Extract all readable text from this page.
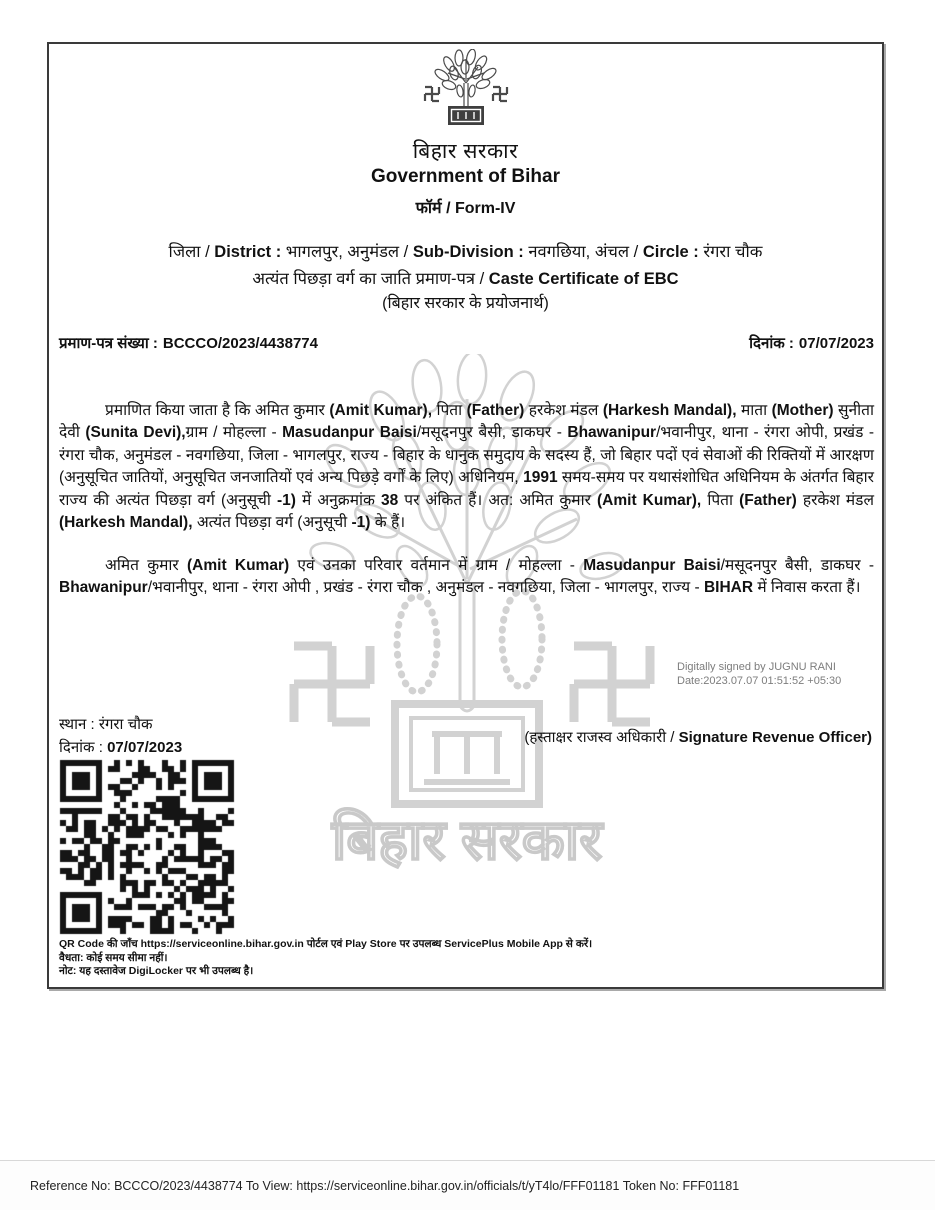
बिहार सरकार
बिहार सरकार
Government of Bihar
फॉर्म / Form-IV
जिला / District : भागलपुर, अनुमंडल / Sub-Division : नवगछिया, अंचल / Circle : रंगरा चौक
अत्यंत पिछड़ा वर्ग का जाति प्रमाण-पत्र / Caste Certificate of EBC
(बिहार सरकार के प्रयोजनार्थ)
प्रमाण-पत्र संख्या : BCCCO/2023/4438774	दिनांक : 07/07/2023
प्रमाणित किया जाता है कि अमित कुमार (Amit Kumar), पिता (Father) हरकेश मंडल (Harkesh Mandal), माता (Mother) सुनीता देवी (Sunita Devi),ग्राम / मोहल्ला - Masudanpur Baisi/मसूदनपुर बैसी, डाकघर - Bhawanipur/भवानीपुर, थाना - रंगरा ओपी, प्रखंड - रंगरा चौक, अनुमंडल - नवगछिया, जिला - भागलपुर, राज्य - बिहार के धानुक समुदाय के सदस्य हैं, जो बिहार पदों एवं सेवाओं की रिक्तियों में आरक्षण (अनुसूचित जातियों, अनुसूचित जनजातियों एवं अन्य पिछड़े वर्गों के लिए) अधिनियम, 1991 समय-समय पर यथासंशोधित अधिनियम के अंतर्गत बिहार राज्य की अत्यंत पिछड़ा वर्ग (अनुसूची -1) में अनुक्रमांक 38 पर अंकित हैं। अत: अमित कुमार (Amit Kumar), पिता (Father) हरकेश मंडल (Harkesh Mandal), अत्यंत पिछड़ा वर्ग (अनुसूची -1) के हैं।
अमित कुमार (Amit Kumar) एवं उनका परिवार वर्तमान में ग्राम / मोहल्ला - Masudanpur Baisi/मसूदनपुर बैसी, डाकघर - Bhawanipur/भवानीपुर, थाना - रंगरा ओपी , प्रखंड - रंगरा चौक , अनुमंडल - नवगछिया, जिला - भागलपुर, राज्य - BIHAR में निवास करता हैं।
Digitally signed by JUGNU RANI
Date:2023.07.07 01:51:52 +05:30
स्थान : रंगरा चौक
(हस्ताक्षर राजस्व अधिकारी / Signature Revenue Officer)
दिनांक : 07/07/2023
QR Code की जाँच https://serviceonline.bihar.gov.in पोर्टल एवं Play Store पर उपलब्ध ServicePlus Mobile App से करें।
वैधता: कोई समय सीमा नहीं।
नोट: यह दस्तावेज DigiLocker पर भी उपलब्ध है।
Reference No: BCCCO/2023/4438774 To View: https://serviceonline.bihar.gov.in/officials/t/yT4lo/FFF01181 Token No: FFF01181
